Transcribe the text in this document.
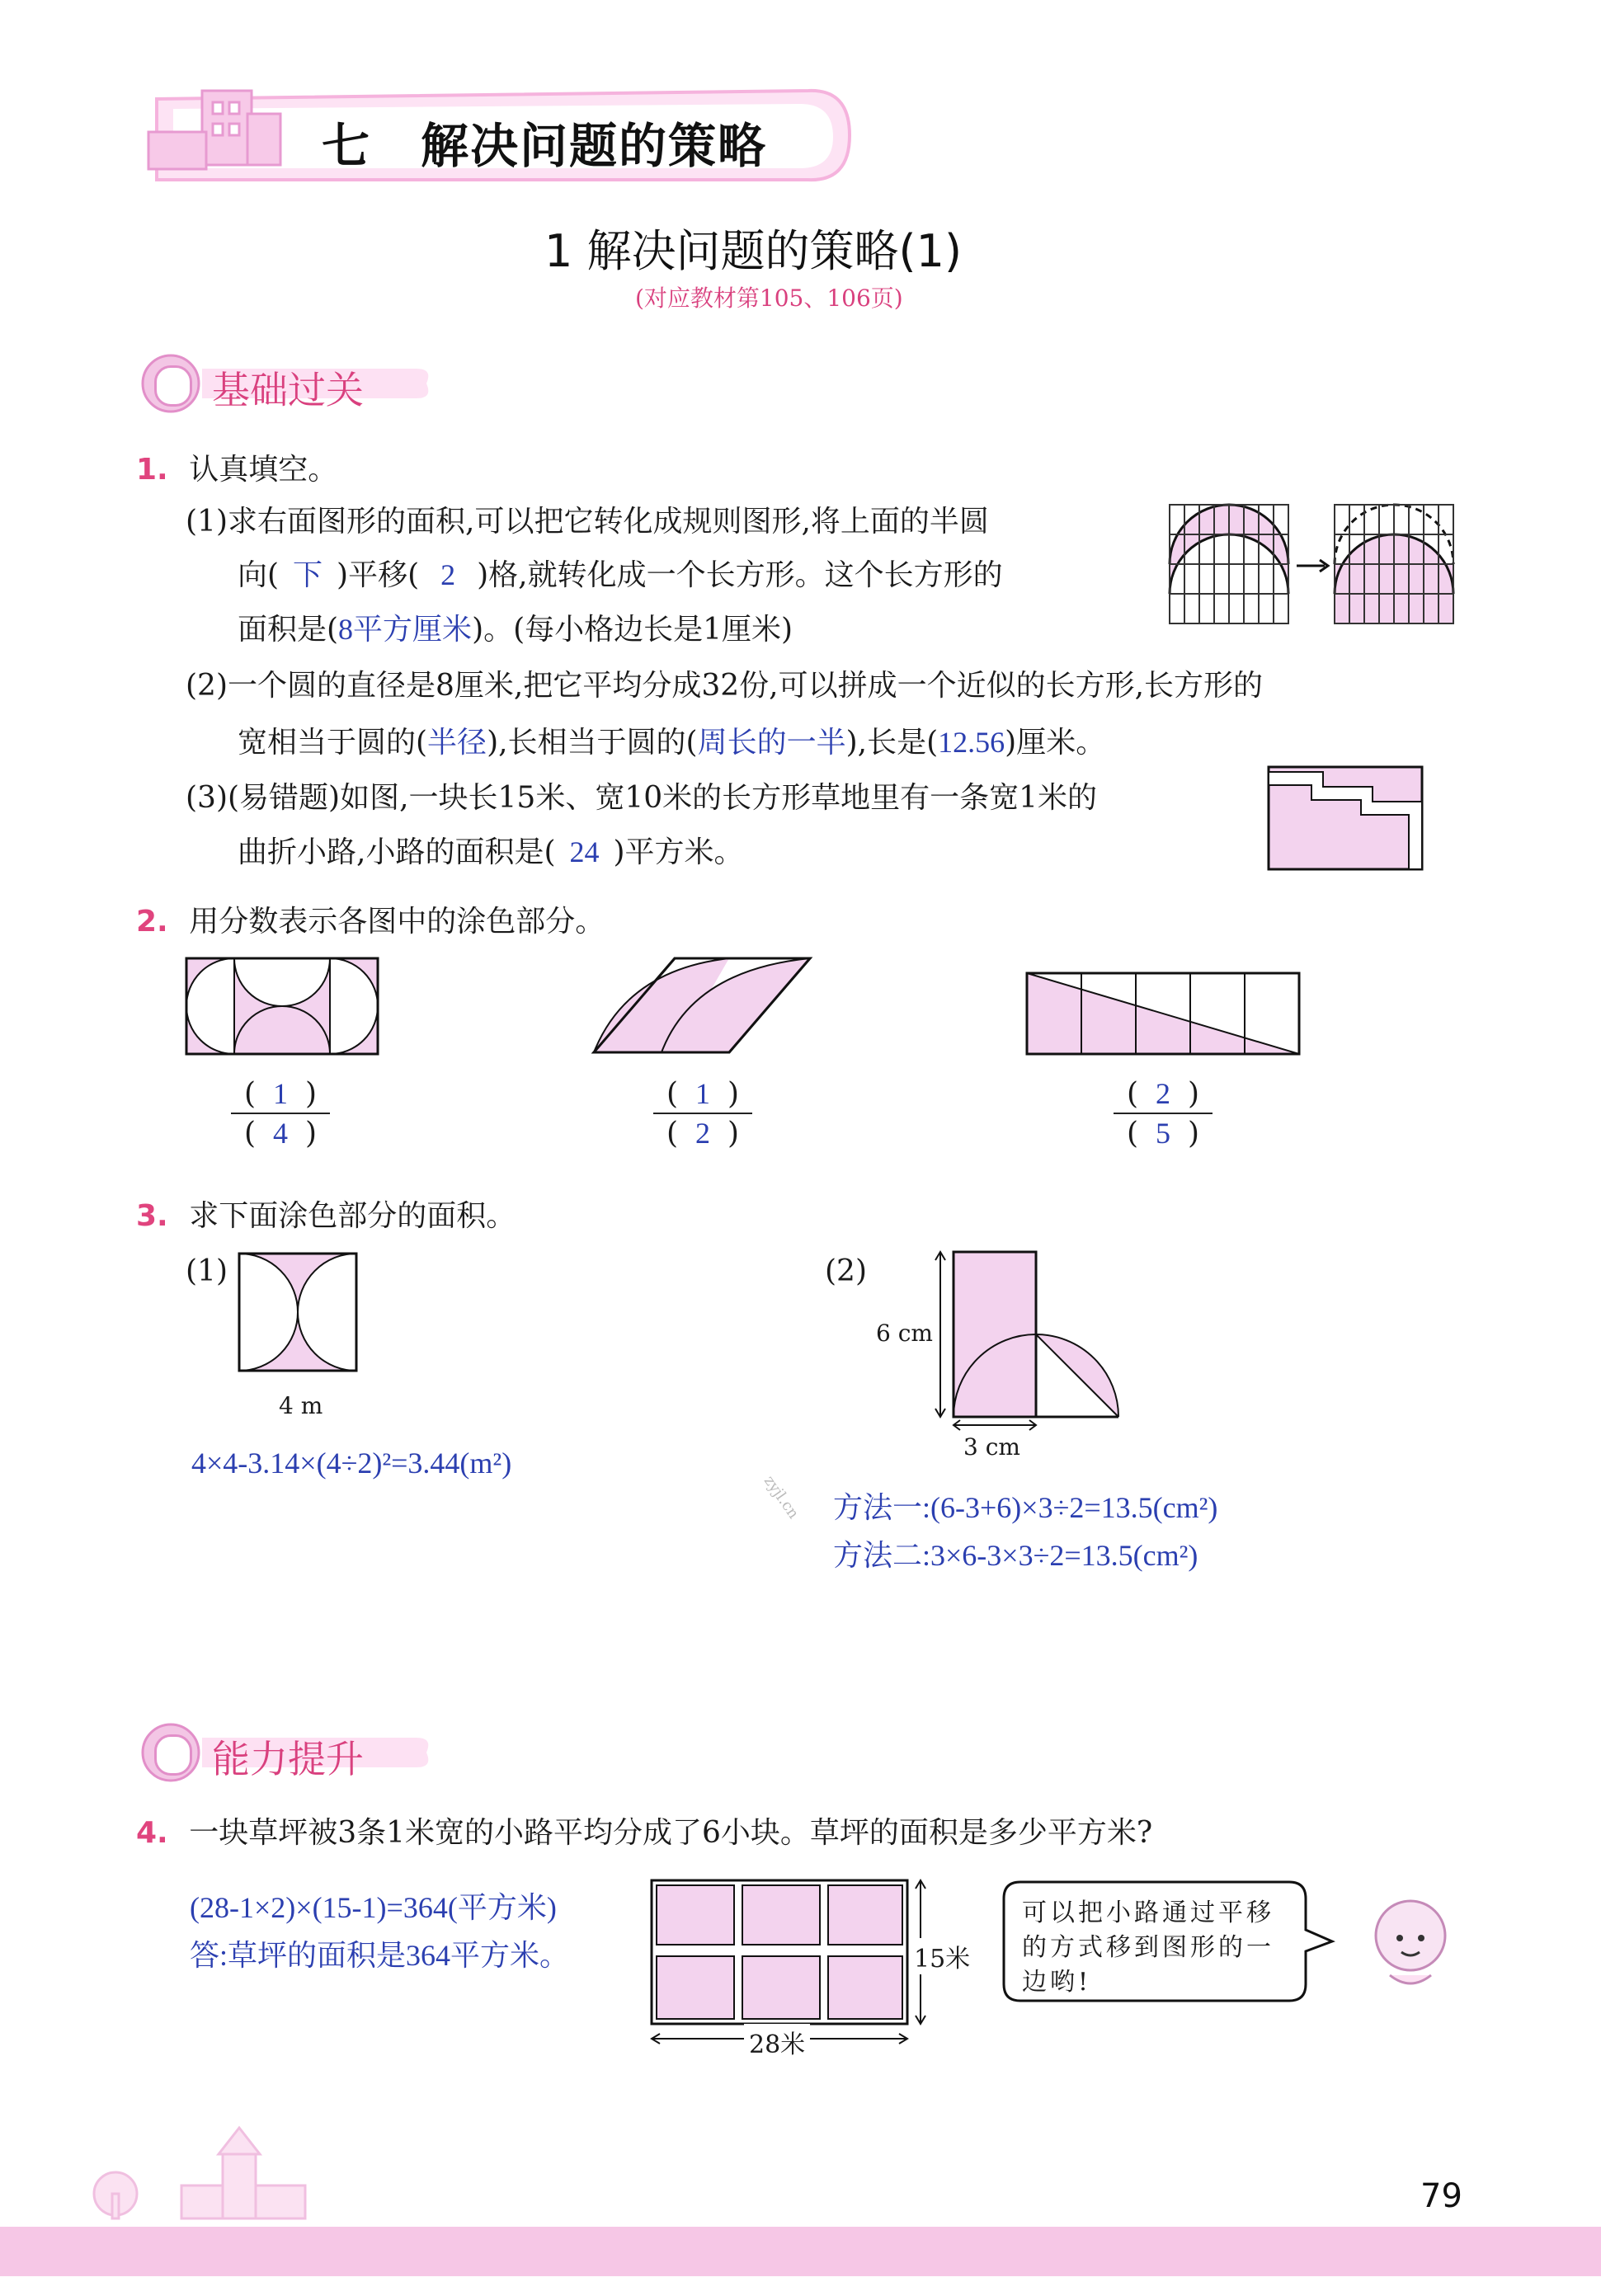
七 解决问题的策略
1 解决问题的策略(1)
(对应教材第105、106页)
基础过关
1. 认真填空。
(1)求右面图形的面积,可以把它转化成规则图形,将上面的半圆
向( 下 )平移( 2 )格,就转化成一个长方形。这个长方形的
面积是(8平方厘米)。(每小格边长是1厘米)
(2)一个圆的直径是8厘米,把它平均分成32份,可以拼成一个近似的长方形,长方形的
宽相当于圆的(半径),长相当于圆的(周长的一半),长是(12.56)厘米。
(3)(易错题)如图,一块长15米、宽10米的长方形草地里有一条宽1米的
曲折小路,小路的面积是( 24 )平方米。
2. 用分数表示各图中的涂色部分。
( 1 )
( 4 )
( 1 )
( 2 )
( 2 )
( 5 )
3. 求下面涂色部分的面积。
(1)
4 m
4×4-3.14×(4÷2)²=3.44(m²)
(2)
6 cm
3 cm
zyjl.cn 方法一:(6-3+6)×3÷2=13.5(cm²)
方法二:3×6-3×3÷2=13.5(cm²)
能力提升
4. 一块草坪被3条1米宽的小路平均分成了6小块。草坪的面积是多少平方米?
(28-1×2)×(15-1)=364(平方米)
答:草坪的面积是364平方米。	15米
28米
可以把小路通过平移
的方式移到图形的一
边哟!
79
